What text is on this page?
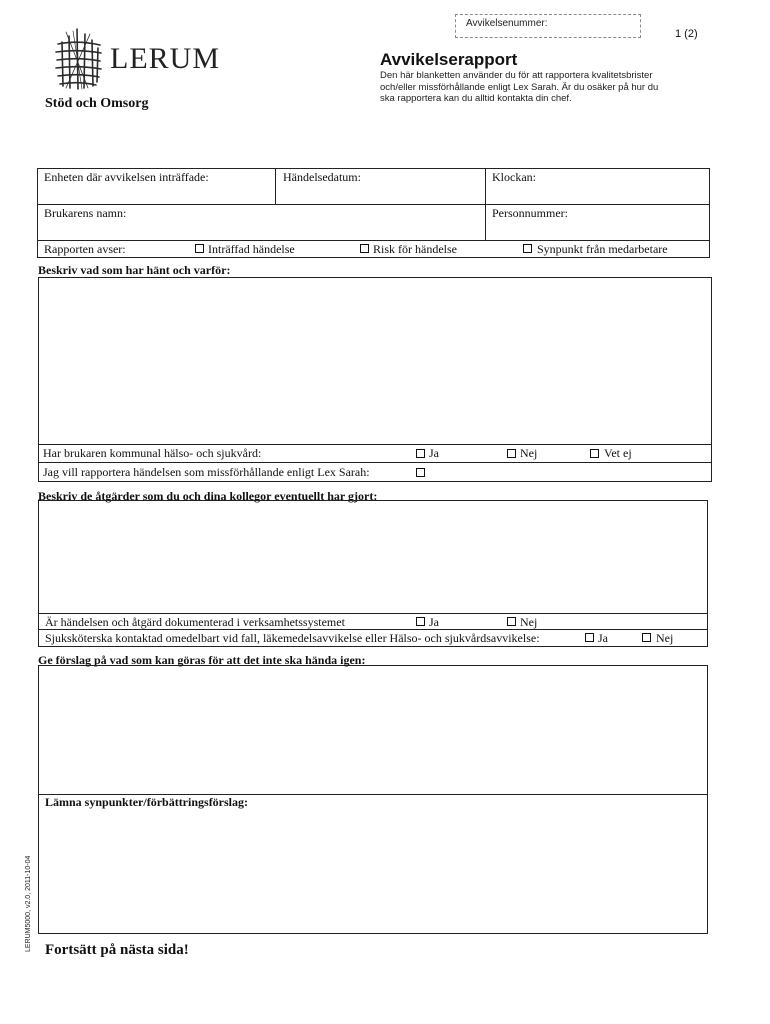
Avvikelsenummer:
1 (2)
LERUM
Stöd och Omsorg
Avvikelserapport
Den här blanketten använder du för att rapportera kvalitetsbrister
och/eller missförhållande enligt Lex Sarah. Är du osäker på hur du
ska rapportera kan du alltid kontakta din chef.
Enheten där avvikelsen inträffade:	Händelsedatum:	Klockan:
Brukarens namn:	Personnummer:
Rapporten avser:	Inträffad händelse	Risk för händelse	Synpunkt från medarbetare
Beskriv vad som har hänt och varför:
Har brukaren kommunal hälso- och sjukvård:	Ja	Nej	Vet ej
Jag vill rapportera händelsen som missförhållande enligt Lex Sarah:
Beskriv de åtgärder som du och dina kollegor eventuellt har gjort:
Är händelsen och åtgärd dokumenterad i verksamhetssystemet	Ja	Nej
Sjuksköterska kontaktad omedelbart vid fall, läkemedelsavvikelse eller Hälso- och sjukvårdsavvikelse:	Ja	Nej
Ge förslag på vad som kan göras för att det inte ska hända igen:
Lämna synpunkter/förbättringsförslag:
LERUM5000, v2.0, 2011-10-04 Fortsätt på nästa sida!
